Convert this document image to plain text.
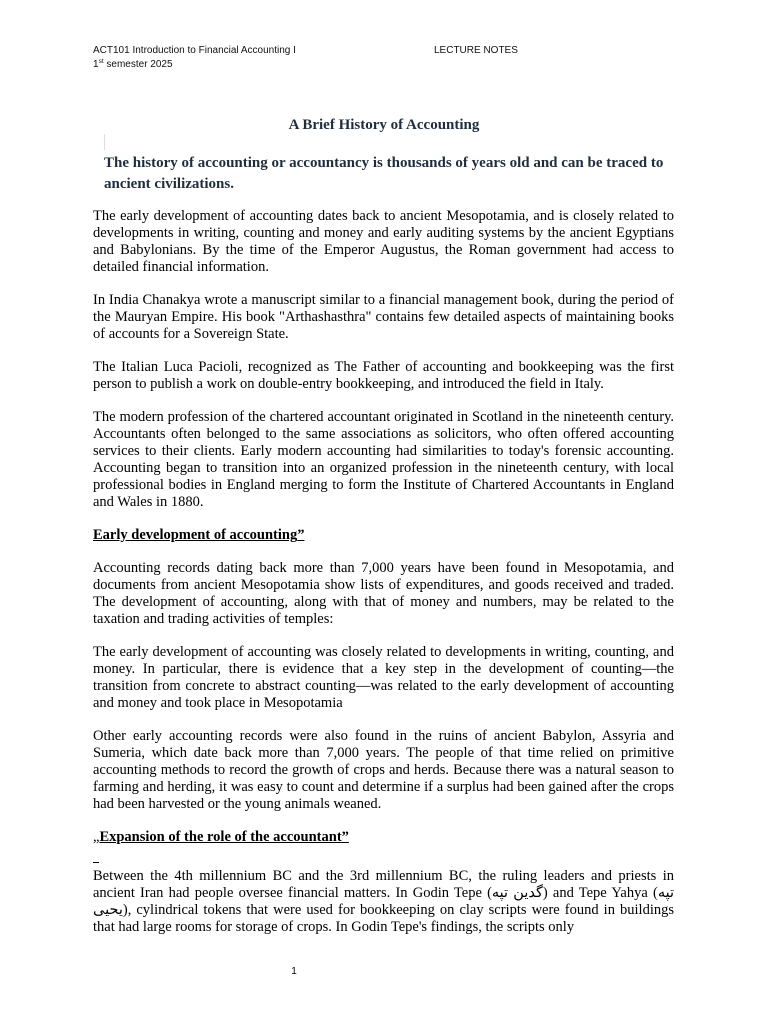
ACT101 Introduction to Financial Accounting I
1st semester 2025
LECTURE NOTES
A Brief History of Accounting
The history of accounting or accountancy is thousands of years old and can be traced to ancient civilizations.

The early development of accounting dates back to ancient Mesopotamia, and is closely related to developments in writing, counting and money and early auditing systems by the ancient Egyptians and Babylonians. By the time of the Emperor Augustus, the Roman government had access to detailed financial information.

In India Chanakya wrote a manuscript similar to a financial management book, during the period of the Mauryan Empire. His book "Arthashasthra" contains few detailed aspects of maintaining books of accounts for a Sovereign State.

The Italian Luca Pacioli, recognized as The Father of accounting and bookkeeping was the first person to publish a work on double-entry bookkeeping, and introduced the field in Italy.

The modern profession of the chartered accountant originated in Scotland in the nineteenth century. Accountants often belonged to the same associations as solicitors, who often offered accounting services to their clients. Early modern accounting had similarities to today's forensic accounting. Accounting began to transition into an organized profession in the nineteenth century, with local professional bodies in England merging to form the Institute of Chartered Accountants in England and Wales in 1880.

Early development of accounting”

Accounting records dating back more than 7,000 years have been found in Mesopotamia, and documents from ancient Mesopotamia show lists of expenditures, and goods received and traded. The development of accounting, along with that of money and numbers, may be related to the taxation and trading activities of temples:

The early development of accounting was closely related to developments in writing, counting, and money. In particular, there is evidence that a key step in the development of counting—the transition from concrete to abstract counting—was related to the early development of accounting and money and took place in Mesopotamia

Other early accounting records were also found in the ruins of ancient Babylon, Assyria and Sumeria, which date back more than 7,000 years. The people of that time relied on primitive accounting methods to record the growth of crops and herds. Because there was a natural season to farming and herding, it was easy to count and determine if a surplus had been gained after the crops had been harvested or the young animals weaned.

„Expansion of the role of the accountant”

Between the 4th millennium BC and the 3rd millennium BC, the ruling leaders and priests in ancient Iran had people oversee financial matters. In Godin Tepe (گدین تپه) and Tepe Yahya (تپه يحيى), cylindrical tokens that were used for bookkeeping on clay scripts were found in buildings that had large rooms for storage of crops. In Godin Tepe's findings, the scripts only

1
